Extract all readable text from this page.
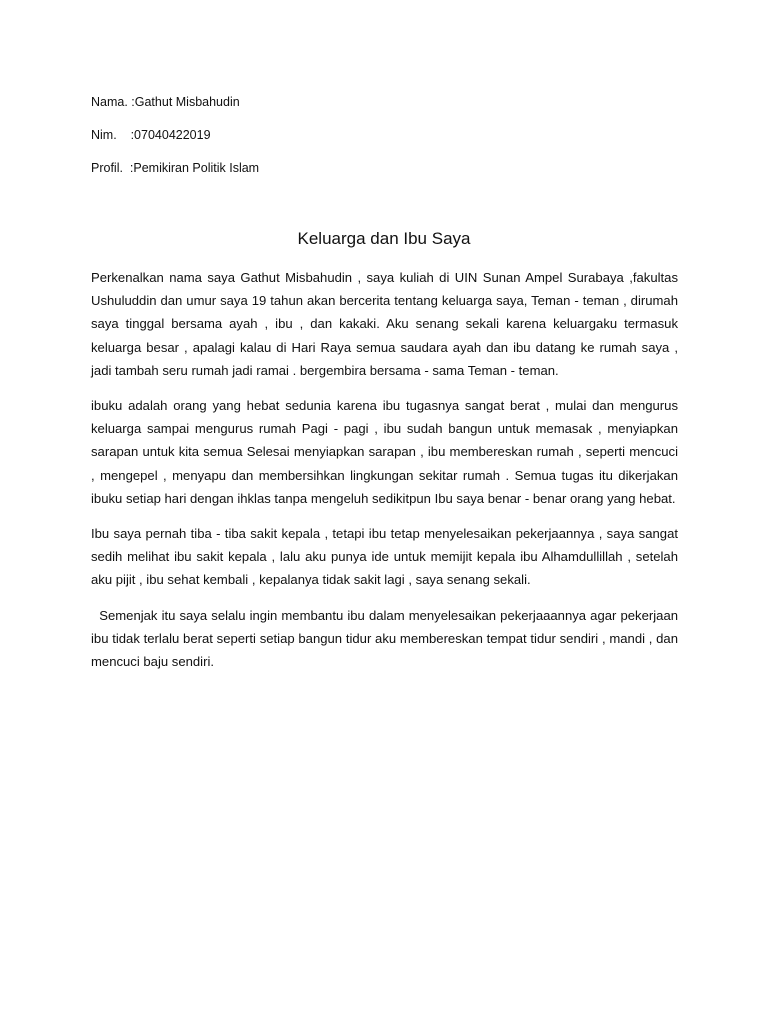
Nama. :Gathut Misbahudin
Nim.    :07040422019
Profil.  :Pemikiran Politik Islam
Keluarga dan Ibu Saya

Perkenalkan nama saya Gathut Misbahudin , saya kuliah di UIN Sunan Ampel Surabaya ,fakultas Ushuluddin dan umur saya 19 tahun akan bercerita tentang keluarga saya, Teman - teman , dirumah saya tinggal bersama ayah , ibu , dan kakaki. Aku senang sekali karena keluargaku termasuk keluarga besar , apalagi kalau di Hari Raya semua saudara ayah dan ibu datang ke rumah saya , jadi tambah seru rumah jadi ramai . bergembira bersama - sama Teman - teman.

ibuku adalah orang yang hebat sedunia karena ibu tugasnya sangat berat , mulai dan mengurus keluarga sampai mengurus rumah Pagi - pagi , ibu sudah bangun untuk memasak , menyiapkan sarapan untuk kita semua Selesai menyiapkan sarapan , ibu membereskan rumah , seperti mencuci , mengepel , menyapu dan membersihkan lingkungan sekitar rumah . Semua tugas itu dikerjakan ibuku setiap hari dengan ihklas tanpa mengeluh sedikitpun Ibu saya benar - benar orang yang hebat.

Ibu saya pernah tiba - tiba sakit kepala , tetapi ibu tetap menyelesaikan pekerjaannya , saya sangat sedih melihat ibu sakit kepala , lalu aku punya ide untuk memijit kepala ibu Alhamdullillah , setelah aku pijit , ibu sehat kembali , kepalanya tidak sakit lagi , saya senang sekali.

Semenjak itu saya selalu ingin membantu ibu dalam menyelesaikan pekerjaaannya agar pekerjaan ibu tidak terlalu berat seperti setiap bangun tidur aku membereskan tempat tidur sendiri , mandi , dan mencuci baju sendiri.
